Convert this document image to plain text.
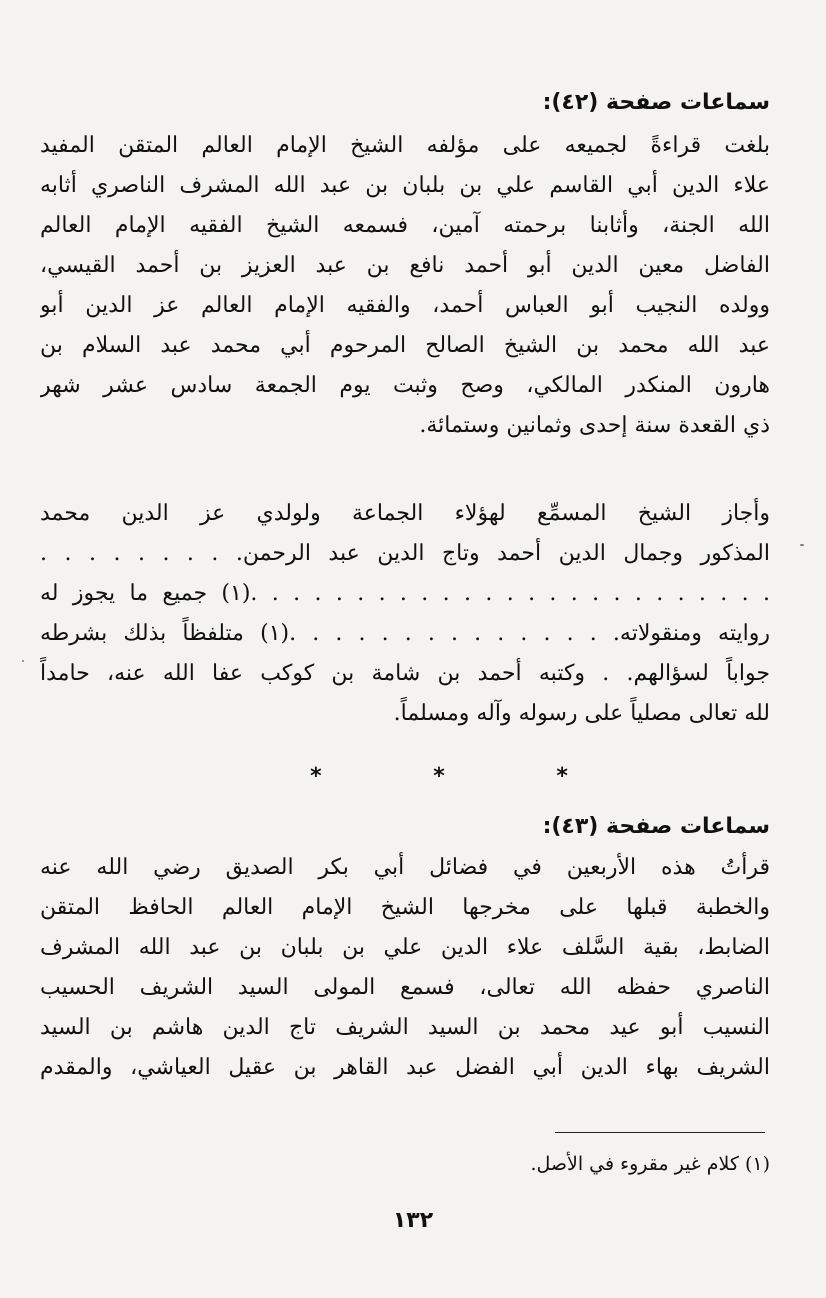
سماعات صفحة (٤٢):

بلغت قراءةً لجميعه على مؤلفه الشيخ الإمام العالم المتقن المفيد
علاء الدين أبي القاسم علي بن بلبان بن عبد الله المشرف الناصري أثابه
الله الجنة، وأثابنا برحمته آمين، فسمعه الشيخ الفقيه الإمام العالم
الفاضل معين الدين أبو أحمد نافع بن عبد العزيز بن أحمد القيسي،
وولده النجيب أبو العباس أحمد، والفقيه الإمام العالم عز الدين أبو
عبد الله محمد بن الشيخ الصالح المرحوم أبي محمد عبد السلام بن
هارون المنكدر المالكي، وصح وثبت يوم الجمعة سادس عشر شهر
ذي القعدة سنة إحدى وثمانين وستمائة.

وأجاز الشيخ المسمِّع لهؤلاء الجماعة ولولدي عز الدين محمد
المذكور وجمال الدين أحمد وتاج الدين عبد الرحمن. . . . . . . . .
. . . . . . . . . . . . . . . . . . . . . . . . .(١) جميع ما يجوز له
روايته ومنقولاته. . . . . . . . . . . . . . .(١) متلفظاً بذلك بشرطه
جواباً لسؤالهم. . وكتبه أحمد بن شامة بن كوكب عفا الله عنه، حامداً
لله تعالى مصلياً على رسوله وآله ومسلماً.

* * *
سماعات صفحة (٤٣):

قرأتُ هذه الأربعين في فضائل أبي بكر الصديق رضي الله عنه
والخطبة قبلها على مخرجها الشيخ الإمام العالم الحافظ المتقن
الضابط، بقية السَّلف علاء الدين علي بن بلبان بن عبد الله المشرف
الناصري حفظه الله تعالى، فسمع المولى السيد الشريف الحسيب
النسيب أبو عيد محمد بن السيد الشريف تاج الدين هاشم بن السيد
الشريف بهاء الدين أبي الفضل عبد القاهر بن عقيل العياشي، والمقدم

(١) كلام غير مقروء في الأصل.
١٣٢
